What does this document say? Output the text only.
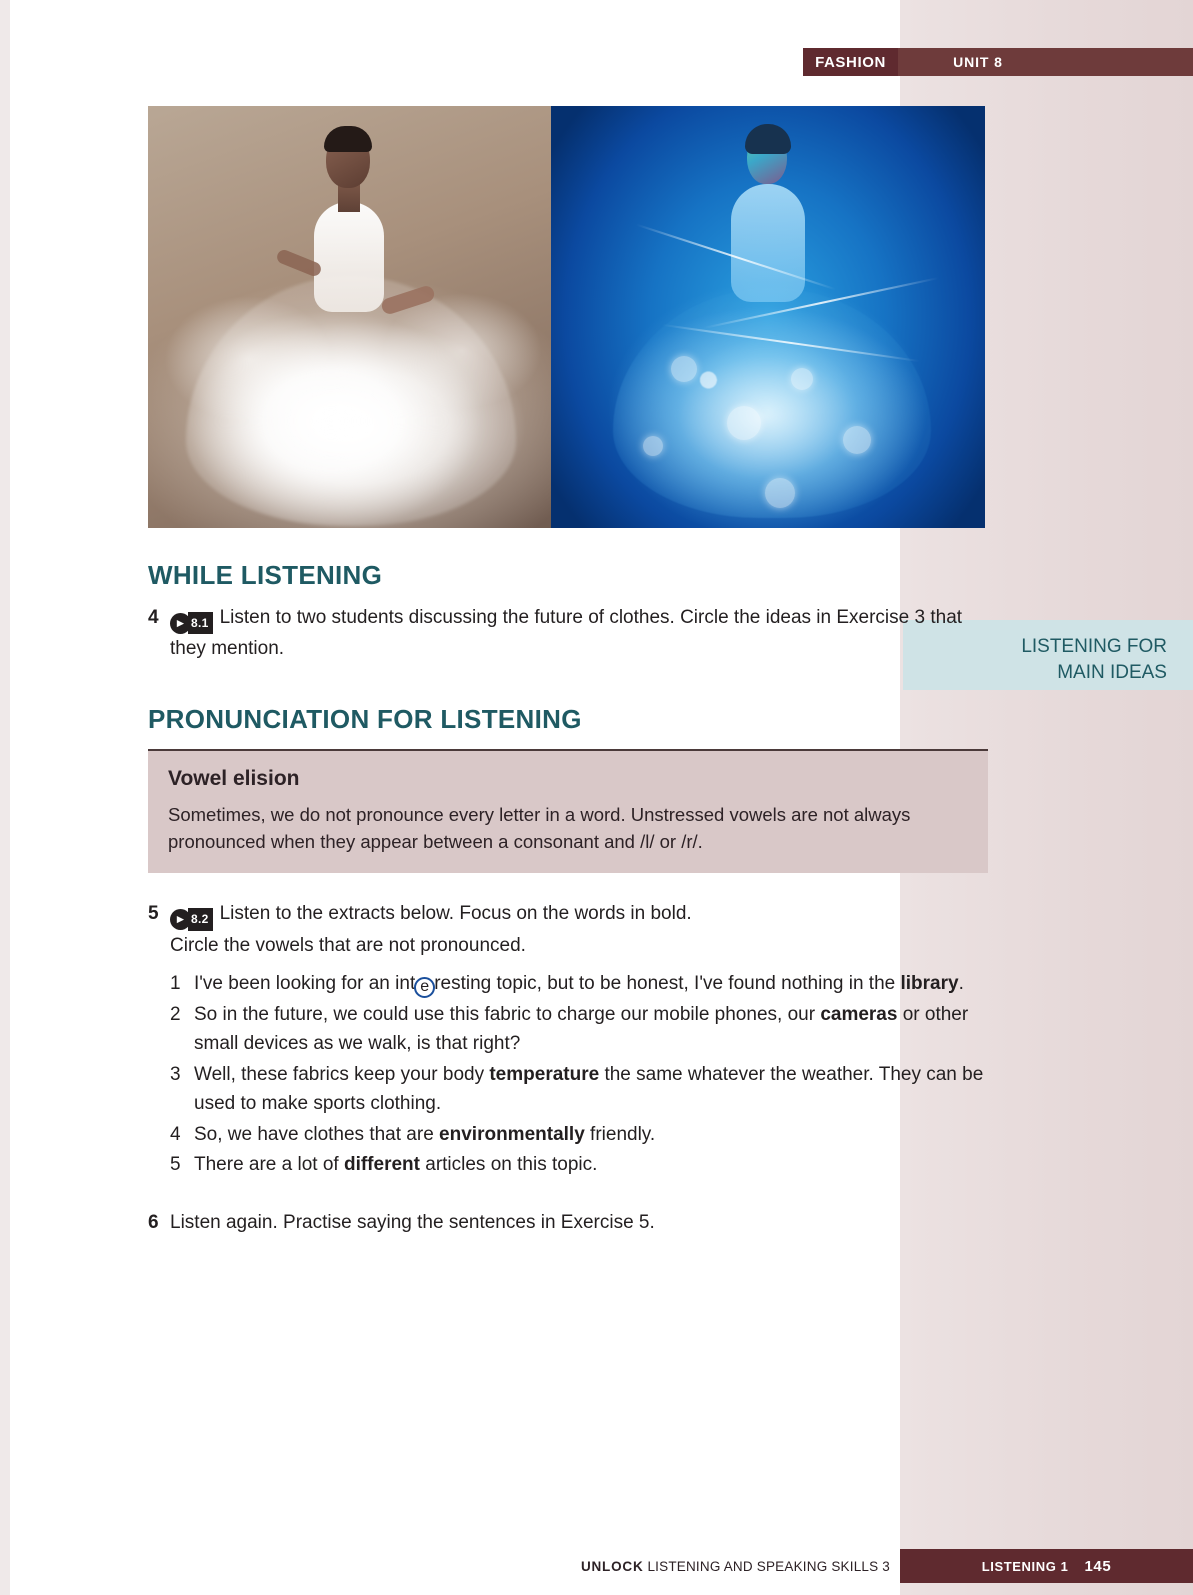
FASHION	UNIT 8
LISTENING FOR
MAIN IDEAS
WHILE LISTENING
4	► 8.1 Listen to two students discussing the future of clothes. Circle the ideas in Exercise 3 that they mention.
PRONUNCIATION FOR LISTENING
Vowel elision

Sometimes, we do not pronounce every letter in a word. Unstressed vowels are not always pronounced when they appear between a consonant and /l/ or /r/.

5	► 8.2 Listen to the extracts below. Focus on the words in bold.
Circle the vowels that are not pronounced.
1 I've been looking for an int e resting topic, but to be honest, I've found nothing in the library.
2 So in the future, we could use this fabric to charge our mobile phones, our cameras or other small devices as we walk, is that right?
3 Well, these fabrics keep your body temperature the same whatever the weather. They can be used to make sports clothing.
4 So, we have clothes that are environmentally friendly.
5 There are a lot of different articles on this topic.
6 Listen again. Practise saying the sentences in Exercise 5.
UNLOCK LISTENING AND SPEAKING SKILLS 3	LISTENING 1 145
